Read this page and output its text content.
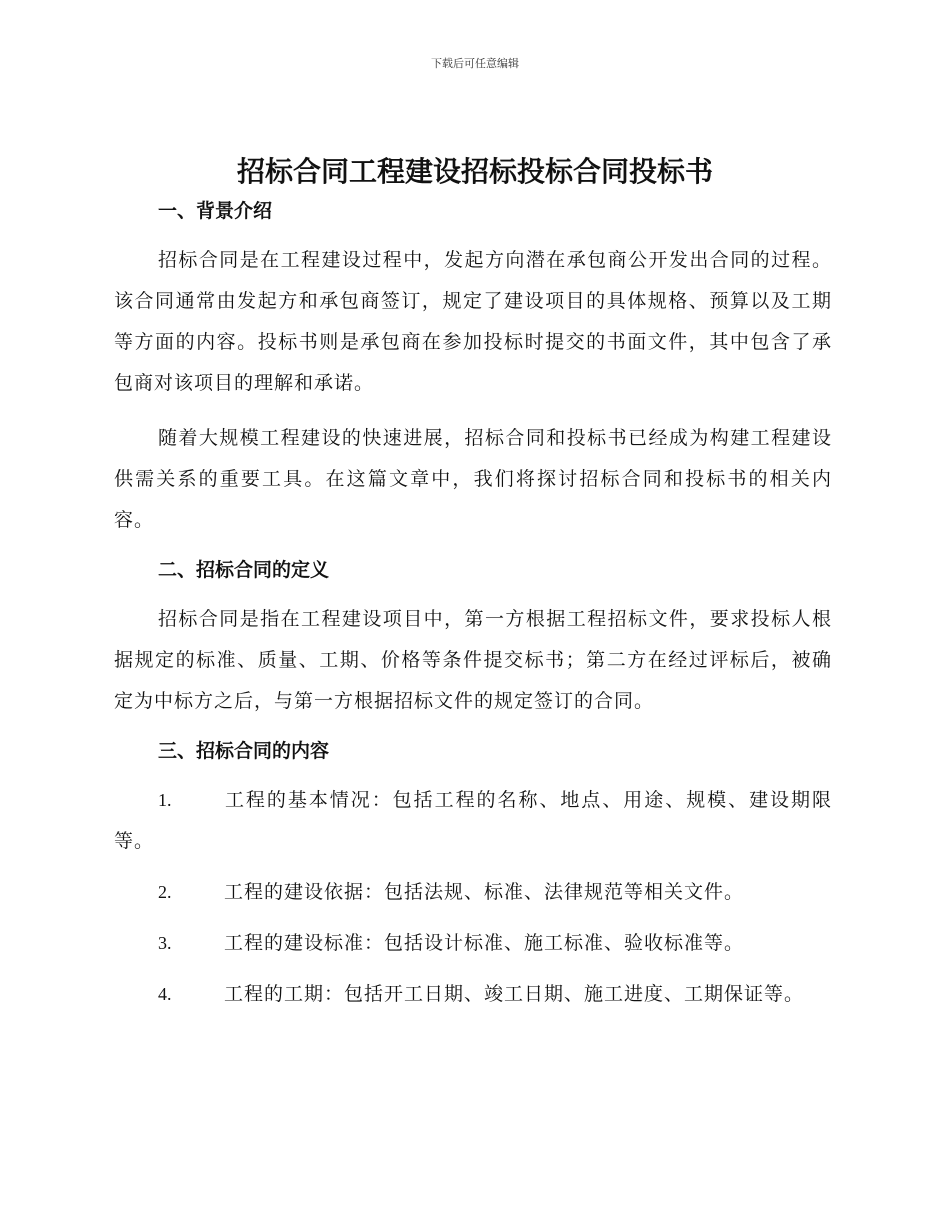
下载后可任意编辑
招标合同工程建设招标投标合同投标书

一、背景介绍

招标合同是在工程建设过程中，发起方向潜在承包商公开发出合同的过程。该合同通常由发起方和承包商签订，规定了建设项目的具体规格、预算以及工期等方面的内容。投标书则是承包商在参加投标时提交的书面文件，其中包含了承包商对该项目的理解和承诺。

随着大规模工程建设的快速进展，招标合同和投标书已经成为构建工程建设供需关系的重要工具。在这篇文章中，我们将探讨招标合同和投标书的相关内容。

二、招标合同的定义

招标合同是指在工程建设项目中，第一方根据工程招标文件，要求投标人根据规定的标准、质量、工期、价格等条件提交标书；第二方在经过评标后，被确定为中标方之后，与第一方根据招标文件的规定签订的合同。

三、招标合同的内容

1.	工程的基本情况：包括工程的名称、地点、用途、规模、建设期限等。

2.	工程的建设依据：包括法规、标准、法律规范等相关文件。

3.	工程的建设标准：包括设计标准、施工标准、验收标准等。

4.	工程的工期：包括开工日期、竣工日期、施工进度、工期保证等。
